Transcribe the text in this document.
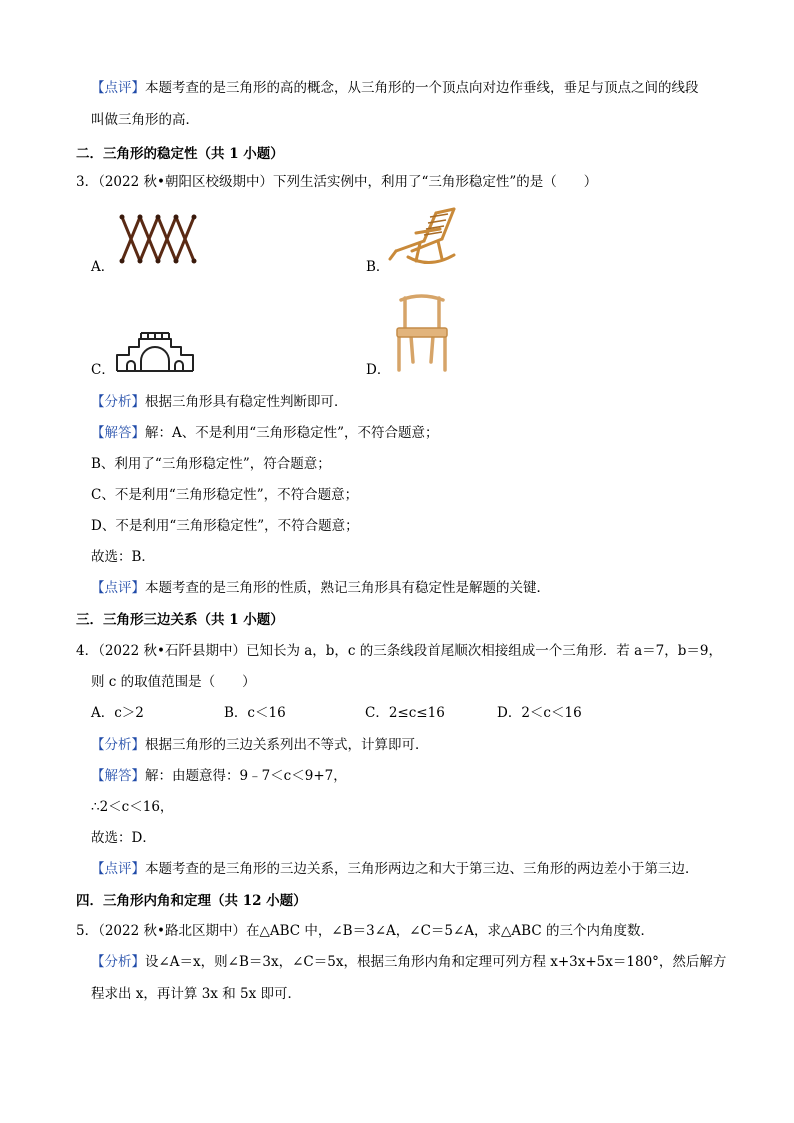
【点评】本题考查的是三角形的高的概念，从三角形的一个顶点向对边作垂线，垂足与顶点之间的线段
叫做三角形的高．
二．三角形的稳定性（共 1 小题）
3．（2022 秋•朝阳区校级期中）下列生活实例中，利用了“三角形稳定性”的是（　　）
A．	B．
C．	D．
【分析】根据三角形具有稳定性判断即可．
【解答】解：A、不是利用“三角形稳定性”，不符合题意；
B、利用了“三角形稳定性”，符合题意；
C、不是利用“三角形稳定性”，不符合题意；
D、不是利用“三角形稳定性”，不符合题意；
故选：B．
【点评】本题考查的是三角形的性质，熟记三角形具有稳定性是解题的关键．
三．三角形三边关系（共 1 小题）
4．（2022 秋•石阡县期中）已知长为 a，b，c 的三条线段首尾顺次相接组成一个三角形．若 a＝7，b＝9，
则 c 的取值范围是（　　）
A．c＞2	B．c＜16	C．2≤c≤16	D．2＜c＜16
【分析】根据三角形的三边关系列出不等式，计算即可．
【解答】解：由题意得：9﹣7＜c＜9+7，
∴2＜c＜16，
故选：D．
【点评】本题考查的是三角形的三边关系，三角形两边之和大于第三边、三角形的两边差小于第三边．
四．三角形内角和定理（共 12 小题）
5．（2022 秋•路北区期中）在△ABC 中，∠B＝3∠A，∠C＝5∠A，求△ABC 的三个内角度数．
【分析】设∠A＝x，则∠B＝3x，∠C＝5x，根据三角形内角和定理可列方程 x+3x+5x＝180°，然后解方
程求出 x，再计算 3x 和 5x 即可．
